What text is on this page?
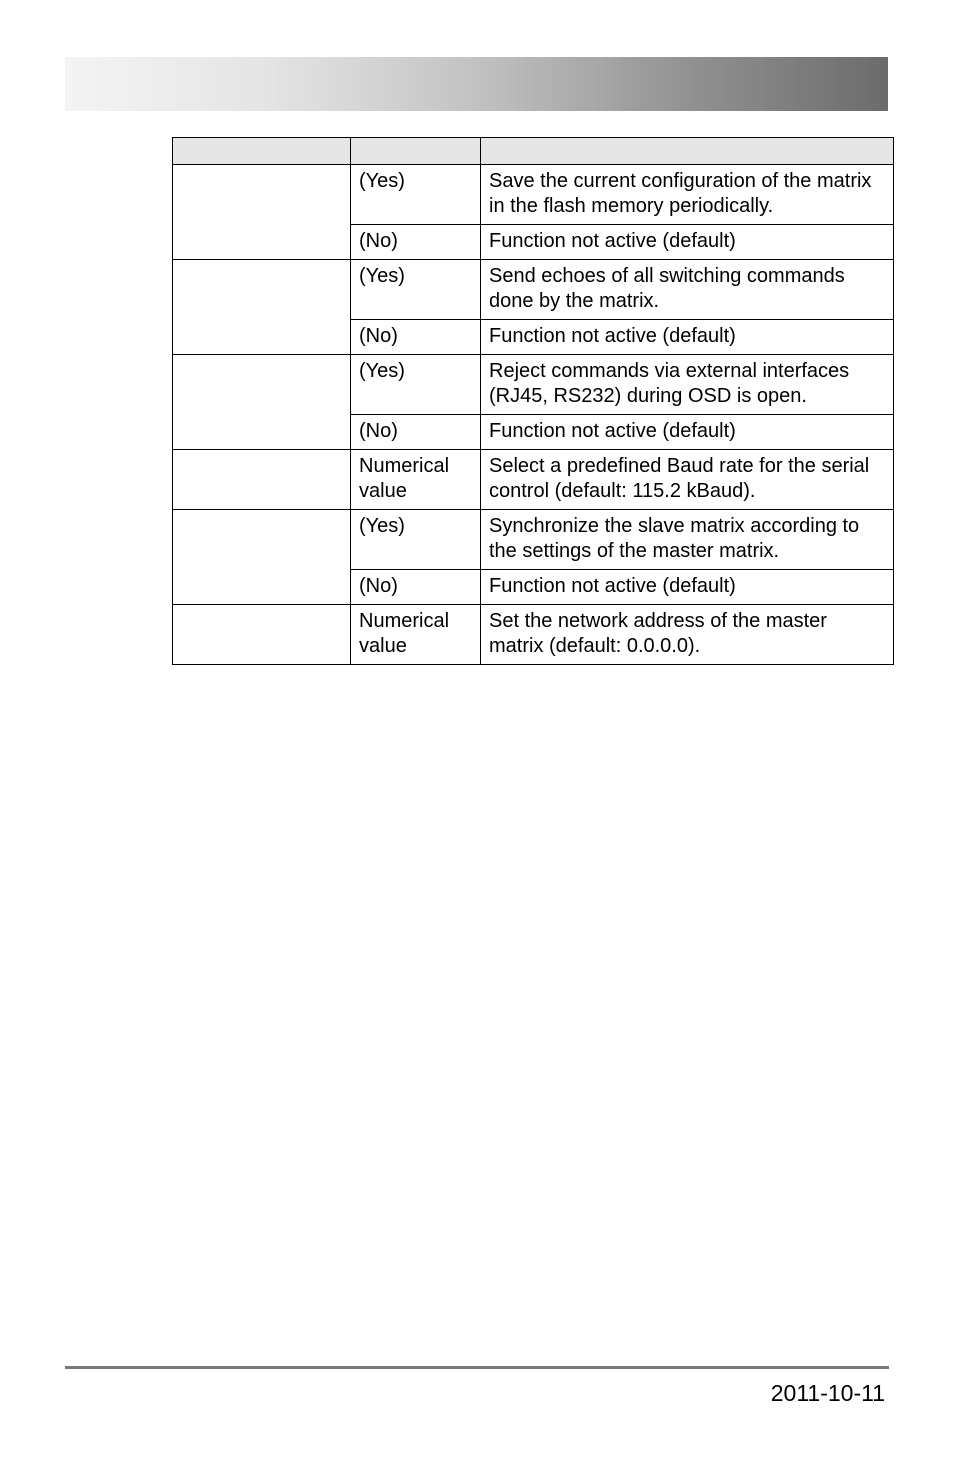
	(Yes)	Save the current configuration of the matrix in the flash memory periodically.
	(No)	Function not active (default)
	(Yes)	Send echoes of all switching commands done by the matrix.
	(No)	Function not active (default)
	(Yes)	Reject commands via external interfaces (RJ45, RS232) during OSD is open.
	(No)	Function not active (default)
	Numerical value	Select a predefined Baud rate for the serial control (default: 115.2 kBaud).
	(Yes)	Synchronize the slave matrix according to the settings of the master matrix.
	(No)	Function not active (default)
	Numerical value	Set the network address of the master matrix (default: 0.0.0.0).
2011-10-11
